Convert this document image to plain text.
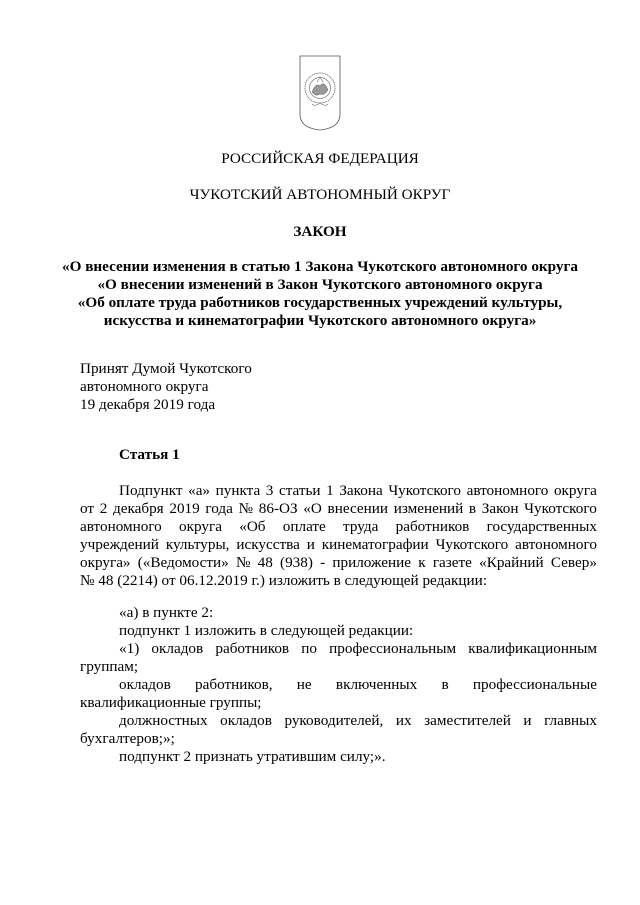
РОССИЙСКАЯ ФЕДЕРАЦИЯ
ЧУКОТСКИЙ АВТОНОМНЫЙ ОКРУГ
ЗАКОН
«О внесении изменения в статью 1 Закона Чукотского автономного округа
«О внесении изменений в Закон Чукотского автономного округа
«Об оплате труда работников государственных учреждений культуры,
искусства и кинематографии Чукотского автономного округа»
Принят Думой Чукотского
автономного округа
19 декабря 2019 года
Статья 1
Подпункт «а» пункта 3 статьи 1 Закона Чукотского автономного округа
от 2 декабря 2019 года № 86-ОЗ «О внесении изменений в Закон Чукотского
автономного округа «Об оплате труда работников государственных
учреждений культуры, искусства и кинематографии Чукотского автономного
округа» («Ведомости» № 48 (938) - приложение к газете «Крайний Север»
№ 48 (2214) от 06.12.2019 г.) изложить в следующей редакции:
«а) в пункте 2:
подпункт 1 изложить в следующей редакции:
«1) окладов работников по профессиональным квалификационным
группам;
окладов работников, не включенных в профессиональные
квалификационные группы;
должностных окладов руководителей, их заместителей и главных
бухгалтеров;»;
подпункт 2 признать утратившим силу;».
